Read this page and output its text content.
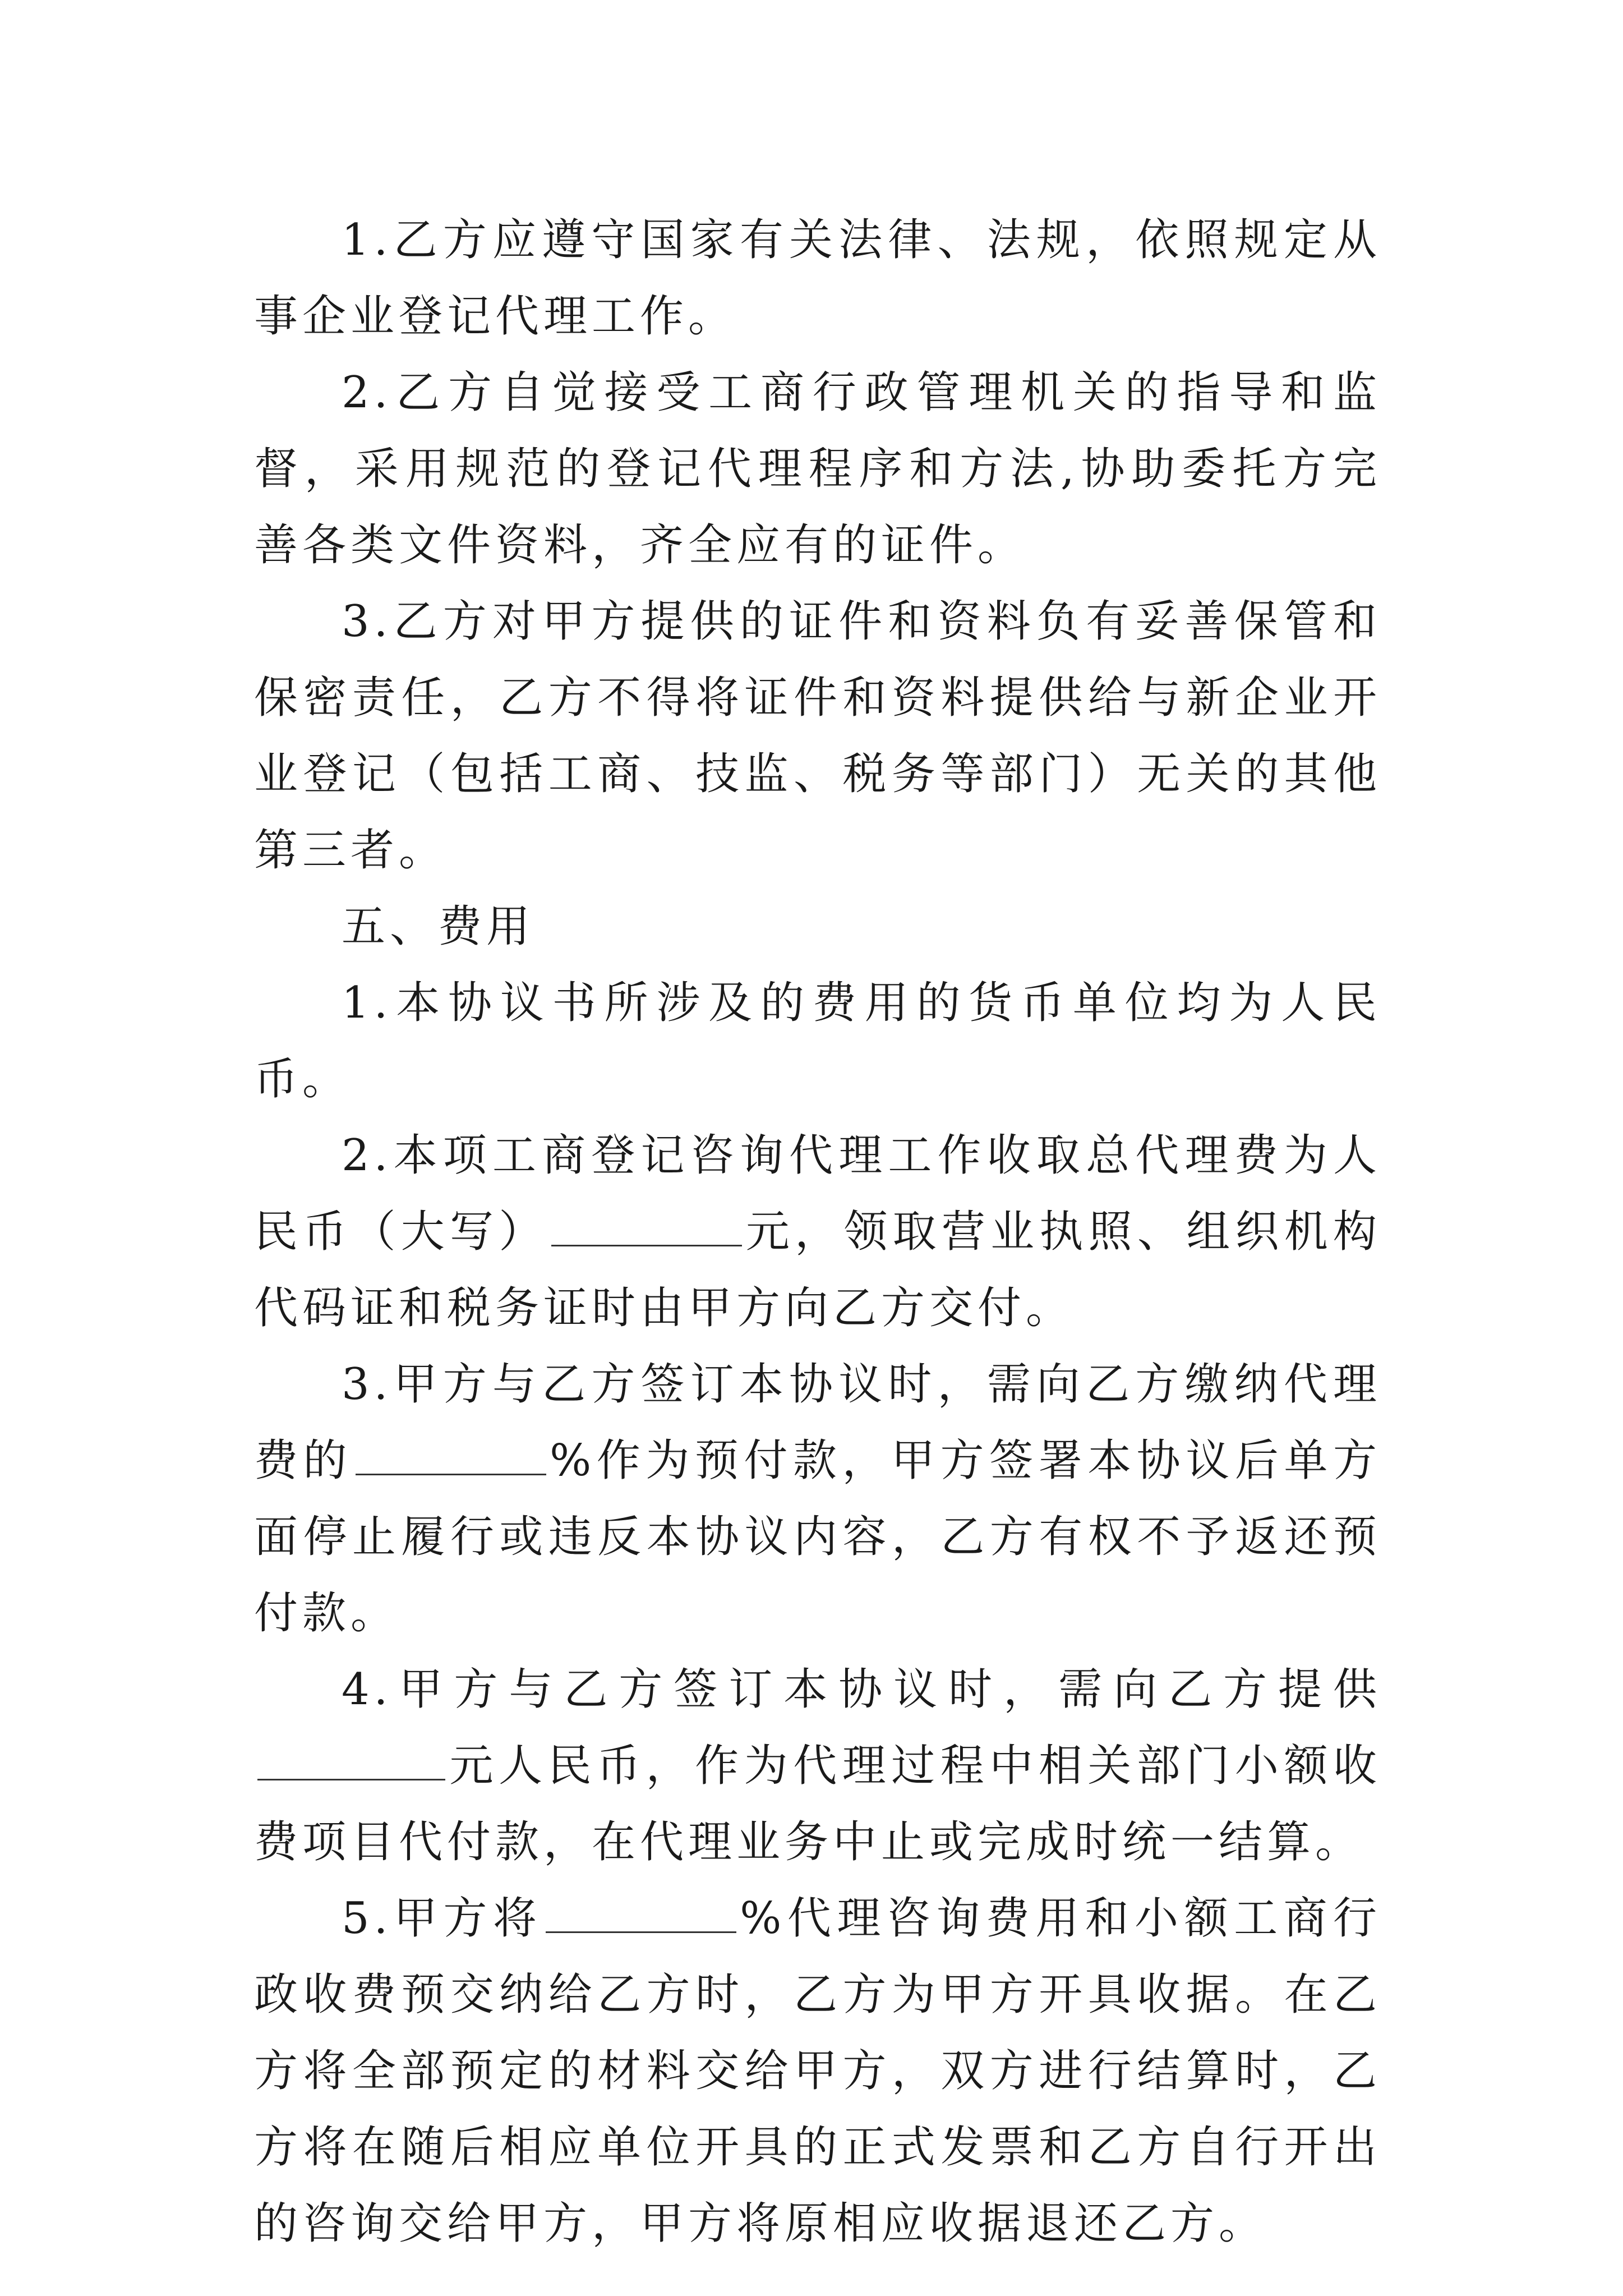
1.乙方应遵守国家有关法律、法规，依照规定从事企业登记代理工作。

2.乙方自觉接受工商行政管理机关的指导和监督，采用规范的登记代理程序和方法,协助委托方完善各类文件资料，齐全应有的证件。

3.乙方对甲方提供的证件和资料负有妥善保管和保密责任，乙方不得将证件和资料提供给与新企业开业登记（包括工商、技监、税务等部门）无关的其他第三者。

五、费用

1.本协议书所涉及的费用的货币单位均为人民币。

2.本项工商登记咨询代理工作收取总代理费为人民币（大写）	元，领取营业执照、组织机构代码证和税务证时由甲方向乙方交付。

3.甲方与乙方签订本协议时，需向乙方缴纳代理费的	%作为预付款，甲方签署本协议后单方面停止履行或违反本协议内容，乙方有权不予返还预付款。

4.甲方与乙方签订本协议时，需向乙方提供元人民币，作为代理过程中相关部门小额收费项目代付款，在代理业务中止或完成时统一结算。

5.甲方将	%代理咨询费用和小额工商行政收费预交纳给乙方时，乙方为甲方开具收据。在乙方将全部预定的材料交给甲方，双方进行结算时，乙方将在随后相应单位开具的正式发票和乙方自行开出的咨询交给甲方，甲方将原相应收据退还乙方。
